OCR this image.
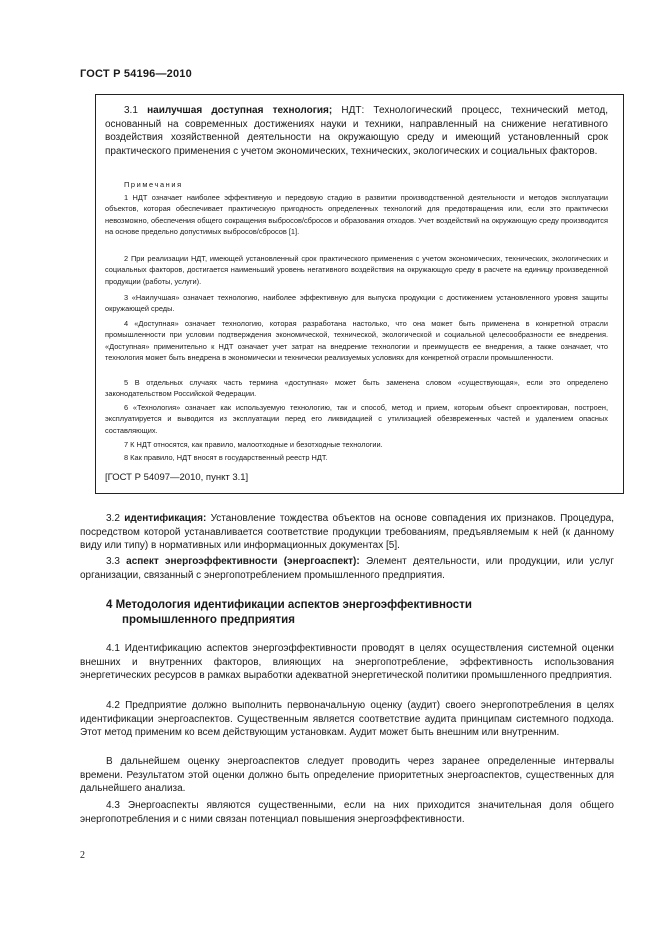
ГОСТ Р 54196—2010

3.1 наилучшая доступная технология; НДТ: Технологический процесс, технический метод, основанный на современных достижениях науки и техники, направленный на снижение негативного воздействия хозяйственной деятельности на окружающую среду и имеющий установленный срок практического применения с учетом экономических, технических, экологических и социальных факторов.

Примечания

1 НДТ означает наиболее эффективную и передовую стадию в развитии производственной деятельности и методов эксплуатации объектов, которая обеспечивает практическую пригодность определенных технологий для предотвращения или, если это практически невозможно, обеспечения общего сокращения выбросов/сбросов и образования отходов. Учет воздействий на окружающую среду производится на основе предельно допустимых выбросов/сбросов [1].

2 При реализации НДТ, имеющей установленный срок практического применения с учетом экономических, технических, экологических и социальных факторов, достигается наименьший уровень негативного воздействия на окружающую среду в расчете на единицу произведенной продукции (работы, услуги).

3 «Наилучшая» означает технологию, наиболее эффективную для выпуска продукции с достижением установленного уровня защиты окружающей среды.

4 «Доступная» означает технологию, которая разработана настолько, что она может быть применена в конкретной отрасли промышленности при условии подтверждения экономической, технической, экологической и социальной целесообразности ее внедрения. «Доступная» применительно к НДТ означает учет затрат на внедрение технологии и преимуществ ее внедрения, а также означает, что технология может быть внедрена в экономически и технически реализуемых условиях для конкретной отрасли промышленности.

5 В отдельных случаях часть термина «доступная» может быть заменена словом «существующая», если это определено законодательством Российской Федерации.

6 «Технология» означает как используемую технологию, так и способ, метод и прием, которым объект спроектирован, построен, эксплуатируется и выводится из эксплуатации перед его ликвидацией с утилизацией обезвреженных частей и удалением опасных составляющих.

7 К НДТ относятся, как правило, малоотходные и безотходные технологии.

8 Как правило, НДТ вносят в государственный реестр НДТ.

[ГОСТ Р 54097—2010, пункт 3.1]

3.2 идентификация: Установление тождества объектов на основе совпадения их признаков. Процедура, посредством которой устанавливается соответствие продукции требованиям, предъявляемым к ней (к данному виду или типу) в нормативных или информационных документах [5].

3.3 аспект энергоэффективности (энергоаспект): Элемент деятельности, или продукции, или услуг организации, связанный с энергопотреблением промышленного предприятия.

4 Методология идентификации аспектов энергоэффективности
промышленного предприятия

4.1 Идентификацию аспектов энергоэффективности проводят в целях осуществления системной оценки внешних и внутренних факторов, влияющих на энергопотребление, эффективность использования энергетических ресурсов в рамках выработки адекватной энергетической политики промышленного предприятия.

4.2 Предприятие должно выполнить первоначальную оценку (аудит) своего энергопотребления в целях идентификации энергоаспектов. Существенным является соответствие аудита принципам системного подхода. Этот метод применим ко всем действующим установкам. Аудит может быть внешним или внутренним.

В дальнейшем оценку энергоаспектов следует проводить через заранее определенные интервалы времени. Результатом этой оценки должно быть определение приоритетных энергоаспектов, существенных для дальнейшего анализа.

4.3 Энергоаспекты являются существенными, если на них приходится значительная доля общего энергопотребления и с ними связан потенциал повышения энергоэффективности.

2
